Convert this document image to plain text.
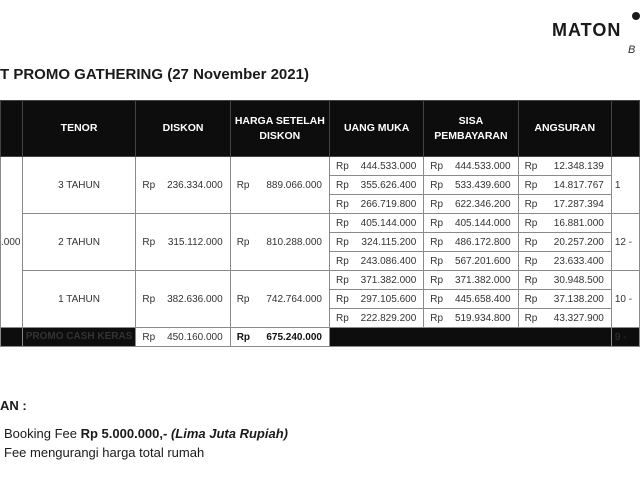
MATON
B
T PROMO GATHERING (27 November 2021)
	TENOR	DISKON	HARGA SETELAH DISKON	UANG MUKA	SISA PEMBAYARAN	ANGSURAN	
.000	3 TAHUN	Rp 236.334.000	Rp 889.066.000	Rp 444.533.000	Rp 444.533.000	Rp 12.348.139	1

				Rp 355.626.400	Rp 533.439.600	Rp 14.817.767	

				Rp 266.719.800	Rp 622.346.200	Rp 17.287.394	

	2 TAHUN	Rp 315.112.000	Rp 810.288.000	Rp 405.144.000	Rp 405.144.000	Rp 16.881.000	12 -

				Rp 324.115.200	Rp 486.172.800	Rp 20.257.200	

				Rp 243.086.400	Rp 567.201.600	Rp 23.633.400	

	1 TAHUN	Rp 382.636.000	Rp 742.764.000	Rp 371.382.000	Rp 371.382.000	Rp 30.948.500	10 -

				Rp 297.105.600	Rp 445.658.400	Rp 37.138.200	

				Rp 222.829.200	Rp 519.934.800	Rp 43.327.900	

	PROMO CASH KERAS	Rp 450.160.000	Rp 675.240.000				9 -
AN :
Booking Fee Rp 5.000.000,- (Lima Juta Rupiah)
Fee mengurangi harga total rumah
